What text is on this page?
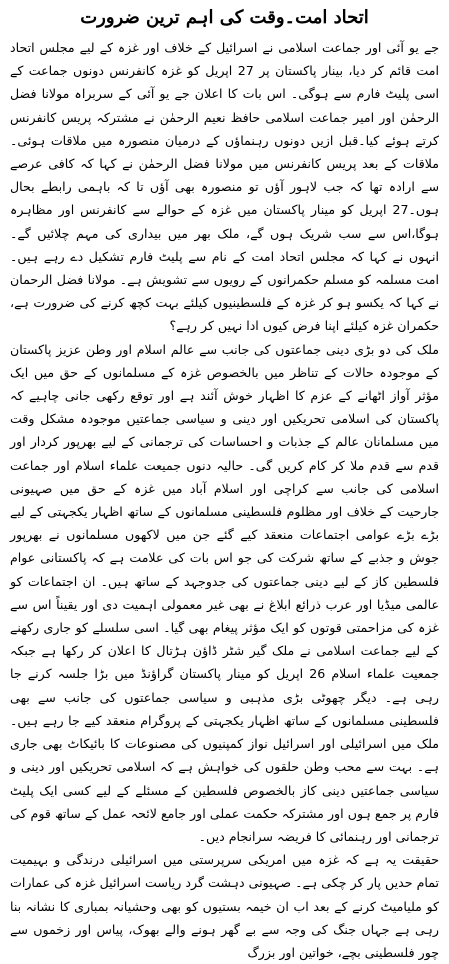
اتحاد امت۔وقت کی اہم ترین ضرورت

جے یو آئی اور جماعت اسلامی نے اسرائیل کے خلاف اور غزہ کے لیے مجلس اتحاد امت قائم کر دیا، بینار پاکستان پر 27 اپریل کو غزہ کانفرنس دونوں جماعت کے اسی پلیٹ فارم سے ہوگی۔ اس بات کا اعلان جے یو آئی کے سربراہ مولانا فضل الرحمٰن اور امیر جماعت اسلامی حافظ نعیم الرحمٰن نے مشترکہ پریس کانفرنس کرتے ہوئے کیا۔قبل ازیں دونوں رہنماؤں کے درمیان منصورہ میں ملاقات ہوئی۔ ملاقات کے بعد پریس کانفرنس میں مولانا فضل الرحمٰن نے کہا کہ کافی عرصے سے ارادہ تھا کہ جب لاہور آؤں تو منصورہ بھی آؤں تا کہ باہمی رابطے بحال ہوں۔27 اپریل کو مینار پاکستان میں غزہ کے حوالے سے کانفرنس اور مظاہرہ ہوگا،اس سے سب شریک ہوں گے، ملک بھر میں بیداری کی مہم چلائیں گے۔ انہوں نے کہا کہ مجلس اتحاد امت کے نام سے پلیٹ فارم تشکیل دے رہے ہیں۔ امت مسلمہ کو مسلم حکمرانوں کے رویوں سے تشویش ہے۔ مولانا فضل الرحمان نے کہا کہ یکسو ہو کر غزہ کے فلسطینیوں کیلئے بہت کچھ کرنے کی ضرورت ہے، حکمران غزہ کیلئے اپنا فرض کیوں ادا نہیں کر رہے؟

ملک کی دو بڑی دینی جماعتوں کی جانب سے عالم اسلام اور وطن عزیز پاکستان کے موجودہ حالات کے تناظر میں بالخصوص غزہ کے مسلمانوں کے حق میں ایک مؤثر آواز اٹھانے کے عزم کا اظہار خوش آئند ہے اور توقع رکھی جانی چاہیے کہ پاکستان کی اسلامی تحریکیں اور دینی و سیاسی جماعتیں موجودہ مشکل وقت میں مسلمانان عالم کے جذبات و احساسات کی ترجمانی کے لیے بھرپور کردار اور قدم سے قدم ملا کر کام کریں گی۔ حالیہ دنوں جمیعت علماء اسلام اور جماعت اسلامی کی جانب سے کراچی اور اسلام آباد میں غزہ کے حق میں صہیونی جارحیت کے خلاف اور مظلوم فلسطینی مسلمانوں کے ساتھ اظہار یکجہتی کے لیے بڑے بڑے عوامی اجتماعات منعقد کیے گئے جن میں لاکھوں مسلمانوں نے بھرپور جوش و جذبے کے ساتھ شرکت کی جو اس بات کی علامت ہے کہ پاکستانی عوام فلسطین کاز کے لیے دینی جماعتوں کی جدوجہد کے ساتھ ہیں۔ ان اجتماعات کو عالمی میڈیا اور عرب ذرائع ابلاغ نے بھی غیر معمولی اہمیت دی اور یقیناً اس سے غزہ کی مزاحمتی قوتوں کو ایک مؤثر پیغام بھی گیا۔ اسی سلسلے کو جاری رکھنے کے لیے جماعت اسلامی نے ملک گیر شٹر ڈاؤن ہڑتال کا اعلان کر رکھا ہے جبکہ جمعیت علماء اسلام 26 اپریل کو مینار پاکستان گراؤنڈ میں بڑا جلسہ کرنے جا رہی ہے۔ دیگر چھوٹی بڑی مذہبی و سیاسی جماعتوں کی جانب سے بھی فلسطینی مسلمانوں کے ساتھ اظہار یکجہتی کے پروگرام منعقد کیے جا رہے ہیں۔ ملک میں اسرائیلی اور اسرائیل نواز کمپنیوں کی مصنوعات کا بائیکاٹ بھی جاری ہے۔ بہت سے محب وطن حلقوں کی خواہش ہے کہ اسلامی تحریکیں اور دینی و سیاسی جماعتیں دینی کاز بالخصوص فلسطین کے مسئلے کے لیے کسی ایک پلیٹ فارم پر جمع ہوں اور مشترکہ حکمت عملی اور جامع لائحہ عمل کے ساتھ قوم کی ترجمانی اور رہنمائی کا فریضہ سرانجام دیں۔

حقیقت یہ ہے کہ غزہ میں امریکی سرپرستی میں اسرائیلی درندگی و بہیمیت تمام حدیں پار کر چکی ہے۔ صہیونی دہشت گرد ریاست اسرائیل غزہ کی عمارات کو ملیامیٹ کرنے کے بعد اب ان خیمہ بستیوں کو بھی وحشیانہ بمباری کا نشانہ بنا رہی ہے جہاں جنگ کی وجہ سے بے گھر ہونے والے بھوک، پیاس اور زخموں سے چور فلسطینی بچے، خواتین اور بزرگ
